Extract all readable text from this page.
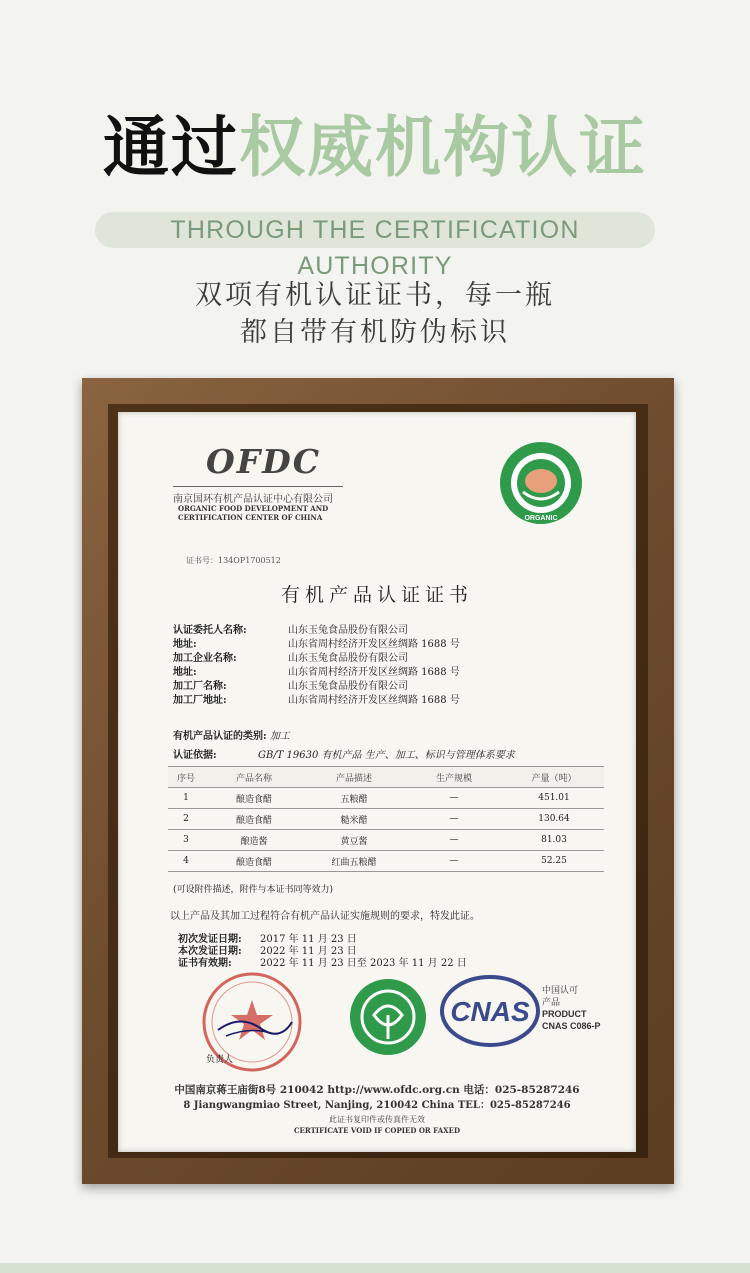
通过权威机构认证
THROUGH THE CERTIFICATION AUTHORITY
双项有机认证证书，每一瓶
都自带有机防伪标识
OFDC
南京国环有机产品认证中心有限公司
ORGANIC FOOD DEVELOPMENT AND
CERTIFICATION CENTER OF CHINA	ORGANIC
证书号：134OP1700512
有机产品认证证书
认证委托人名称:	山东玉兔食品股份有限公司
地址:	山东省周村经济开发区丝绸路 1688 号
加工企业名称:	山东玉兔食品股份有限公司
地址:	山东省周村经济开发区丝绸路 1688 号
加工厂名称:	山东玉兔食品股份有限公司
加工厂地址:	山东省周村经济开发区丝绸路 1688 号
有机产品认证的类别: 加工
认证依据:	GB/T 19630 有机产品 生产、加工、标识与管理体系要求
序号	产品名称	产品描述	生产规模	产量（吨）
1	酿造食醋	五粮醋	—	451.01
2	酿造食醋	糙米醋	—	130.64
3	酿造酱	黄豆酱	—	81.03
4	酿造食醋	红曲五粮醋	—	52.25
(可设附件描述，附件与本证书同等效力)
以上产品及其加工过程符合有机产品认证实施规则的要求，特发此证。
初次发证日期:	2017 年 11 月 23 日
本次发证日期:	2022 年 11 月 23 日
证书有效期:	2022 年 11 月 23 日至 2023 年 11 月 22 日
负责人
CNAS
中国认可
产品
PRODUCT
CNAS C086-P
中国南京蒋王庙街8号 210042 http://www.ofdc.org.cn 电话：025-85287246
8 Jiangwangmiao Street, Nanjing, 210042 China TEL：025-85287246
此证书复印件或传真件无效
CERTIFICATE VOID IF COPIED OR FAXED
